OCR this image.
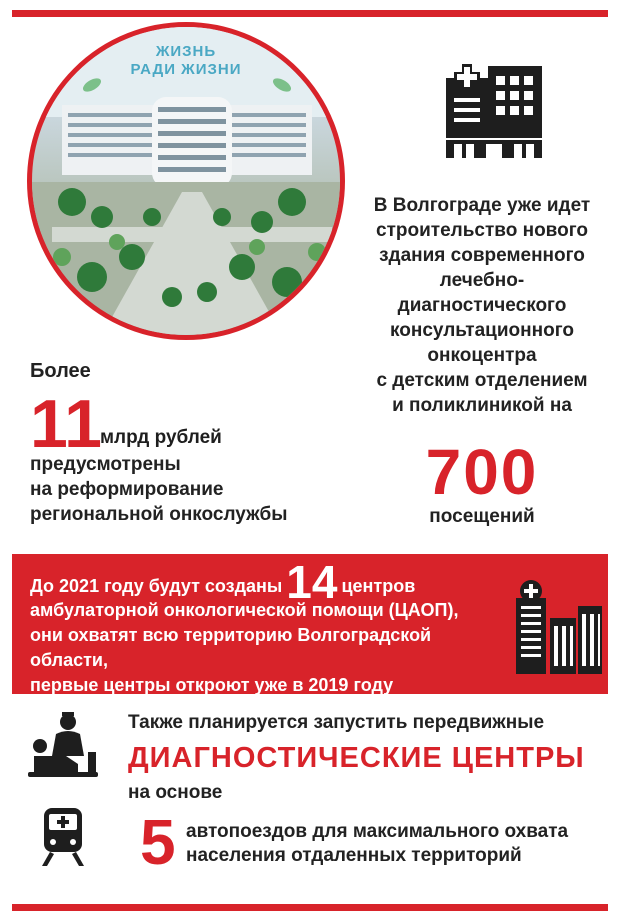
ЖИЗНЬ
РАДИ ЖИЗНИ
В Волгограде уже идет
строительство нового
здания современного
лечебно-
диагностического
консультационного
онкоцентра
с детским отделением
и поликлиникой на
700
посещений
Более
11
млрд рублей
предусмотрены
на реформирование
региональной онкослужбы
До 2021 году будут созданы14 центров
амбулаторной онкологической помощи (ЦАОП),
они охватят всю территорию Волгоградской области,
первые центры откроют уже в 2019 году
Также планируется запустить передвижные
ДИАГНОСТИЧЕСКИЕ ЦЕНТРЫ
на основе
5 автопоездов для максимального охвата
населения отдаленных территорий
